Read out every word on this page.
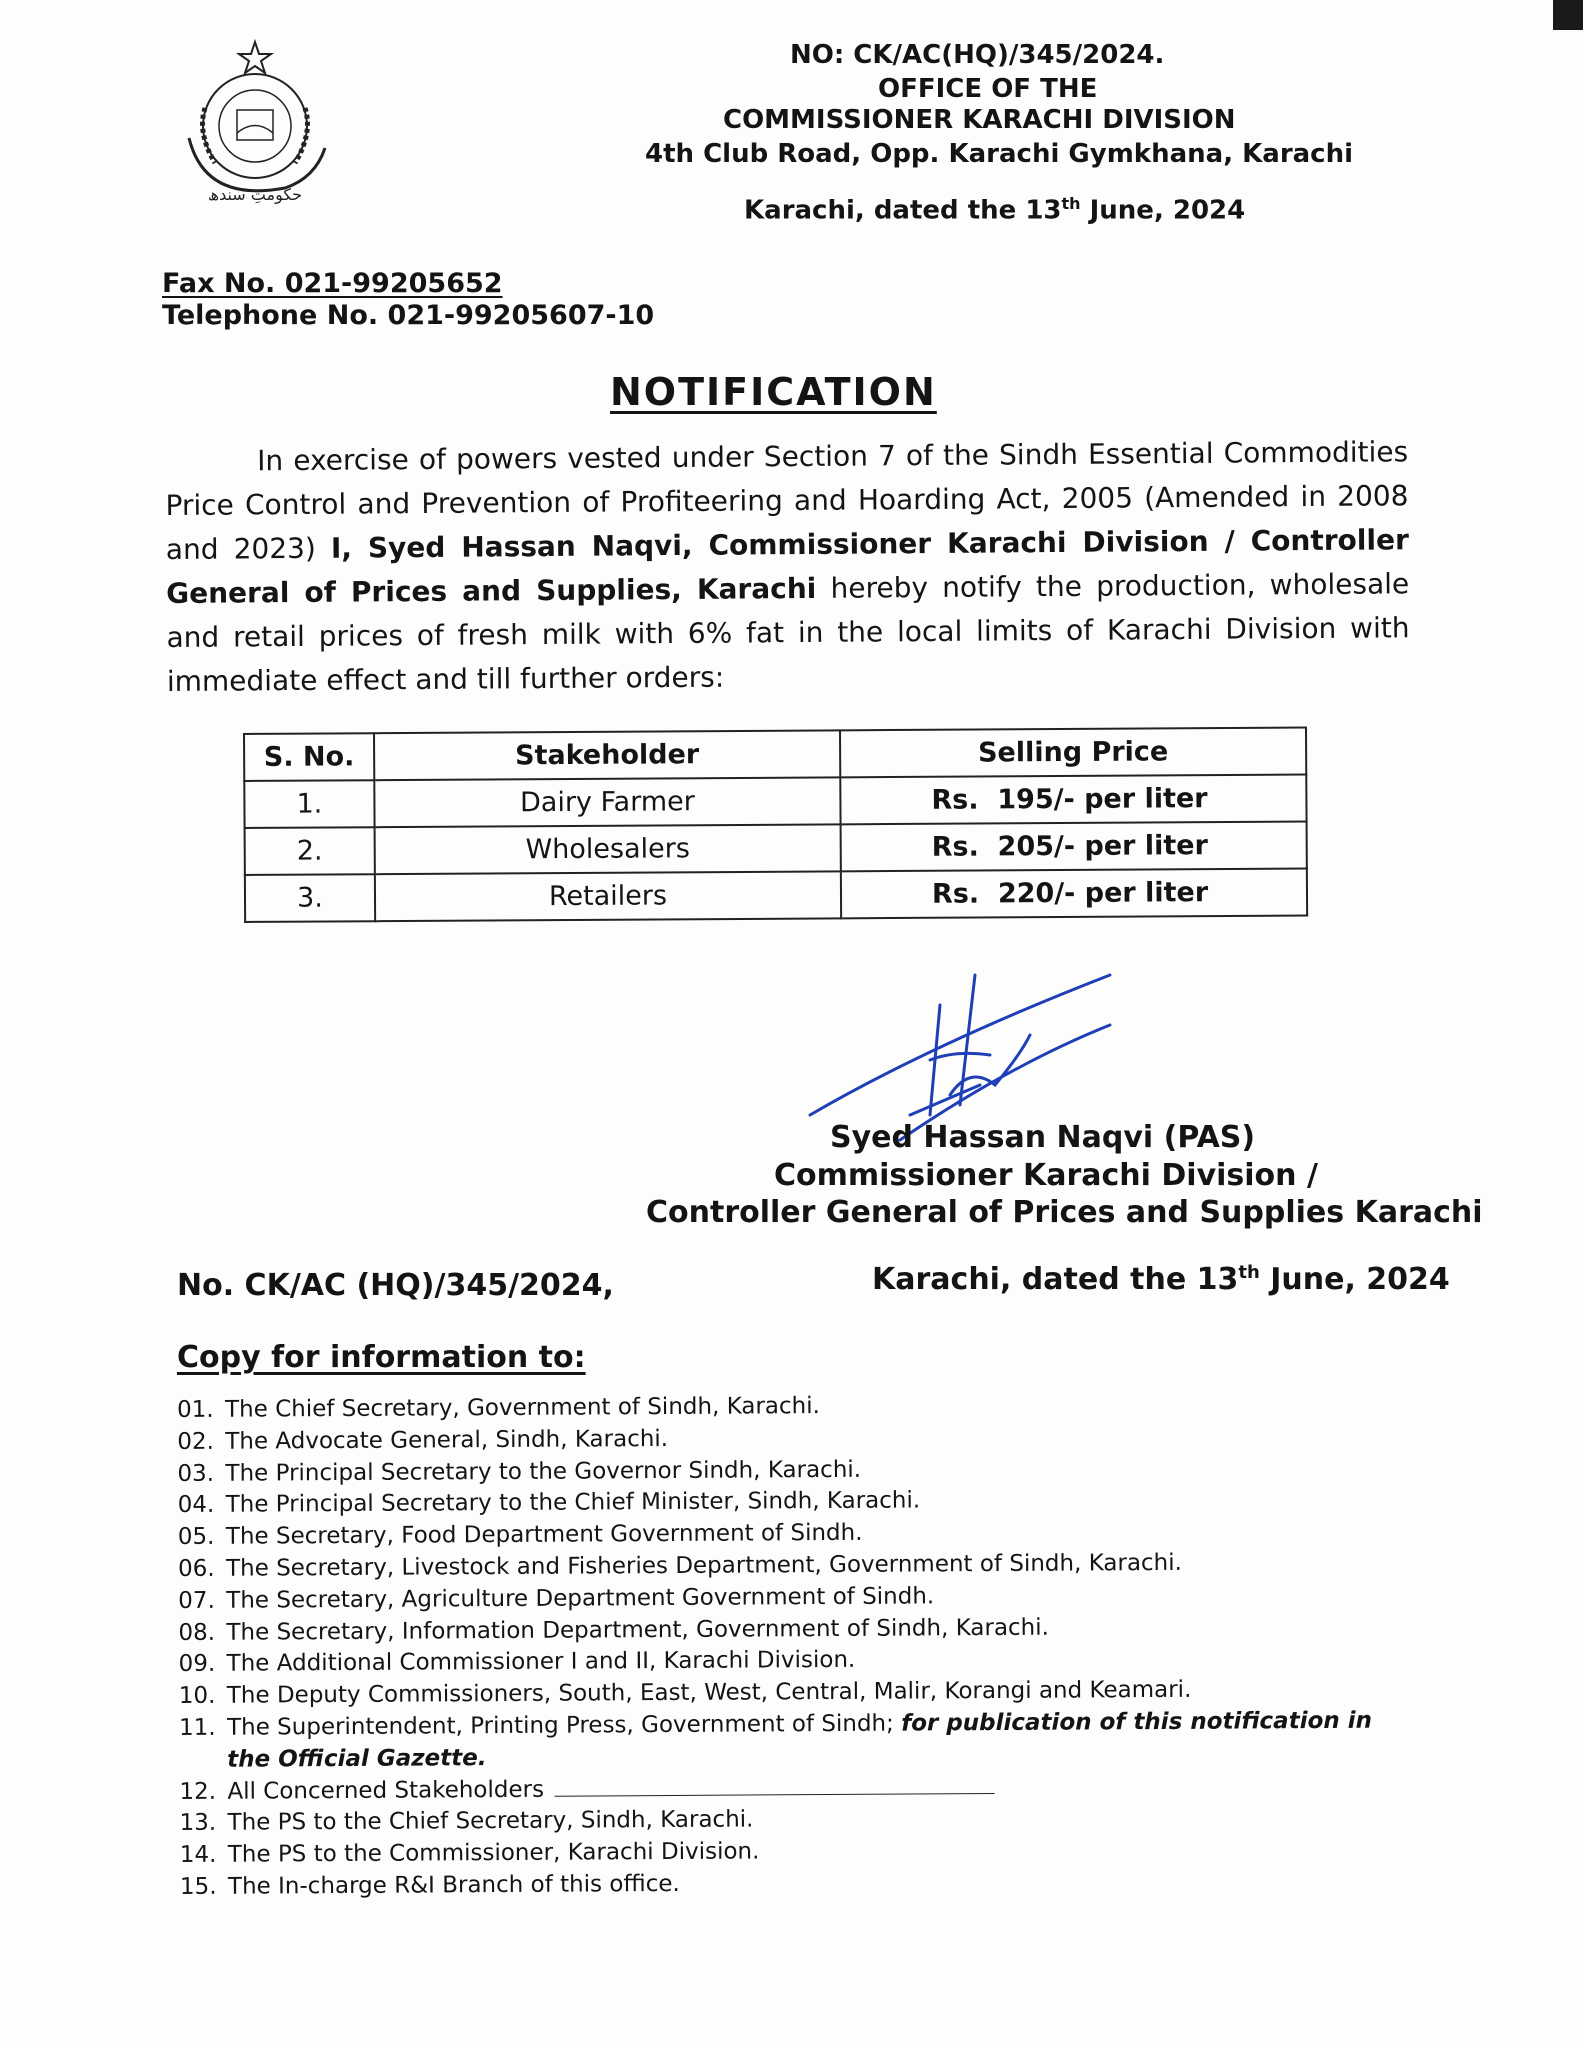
حکومتِ سندھ
NO: CK/AC(HQ)/345/2024.
OFFICE OF THE
COMMISSIONER KARACHI DIVISION
4th Club Road, Opp. Karachi Gymkhana, Karachi
Karachi, dated the 13th June, 2024
Fax No. 021-99205652
Telephone No. 021-99205607-10
NOTIFICATION
In exercise of powers vested under Section 7 of the Sindh Essential Commodities Price Control and Prevention of Profiteering and Hoarding Act, 2005 (Amended in 2008 and 2023) I, Syed Hassan Naqvi, Commissioner Karachi Division / Controller General of Prices and Supplies, Karachi hereby notify the production, wholesale and retail prices of fresh milk with 6% fat in the local limits of Karachi Division with immediate effect and till further orders:
S. No.	Stakeholder	Selling Price
1.	Dairy Farmer	Rs.  195/- per liter
2.	Wholesalers	Rs.  205/- per liter
3.	Retailers	Rs.  220/- per liter
Syed Hassan Naqvi (PAS)
Commissioner Karachi Division /
Controller General of Prices and Supplies Karachi
No. CK/AC (HQ)/345/2024,	Karachi, dated the 13th June, 2024
Copy for information to:
01. The Chief Secretary, Government of Sindh, Karachi.
02. The Advocate General, Sindh, Karachi.
03. The Principal Secretary to the Governor Sindh, Karachi.
04. The Principal Secretary to the Chief Minister, Sindh, Karachi.
05. The Secretary, Food Department Government of Sindh.
06. The Secretary, Livestock and Fisheries Department, Government of Sindh, Karachi.
07. The Secretary, Agriculture Department Government of Sindh.
08. The Secretary, Information Department, Government of Sindh, Karachi.
09. The Additional Commissioner I and II, Karachi Division.
10. The Deputy Commissioners, South, East, West, Central, Malir, Korangi and Keamari.
11. The Superintendent, Printing Press, Government of Sindh; for publication of this notification in the Official Gazette.
12. All Concerned Stakeholders
13. The PS to the Chief Secretary, Sindh, Karachi.
14. The PS to the Commissioner, Karachi Division.
15. The In-charge R&I Branch of this office.
